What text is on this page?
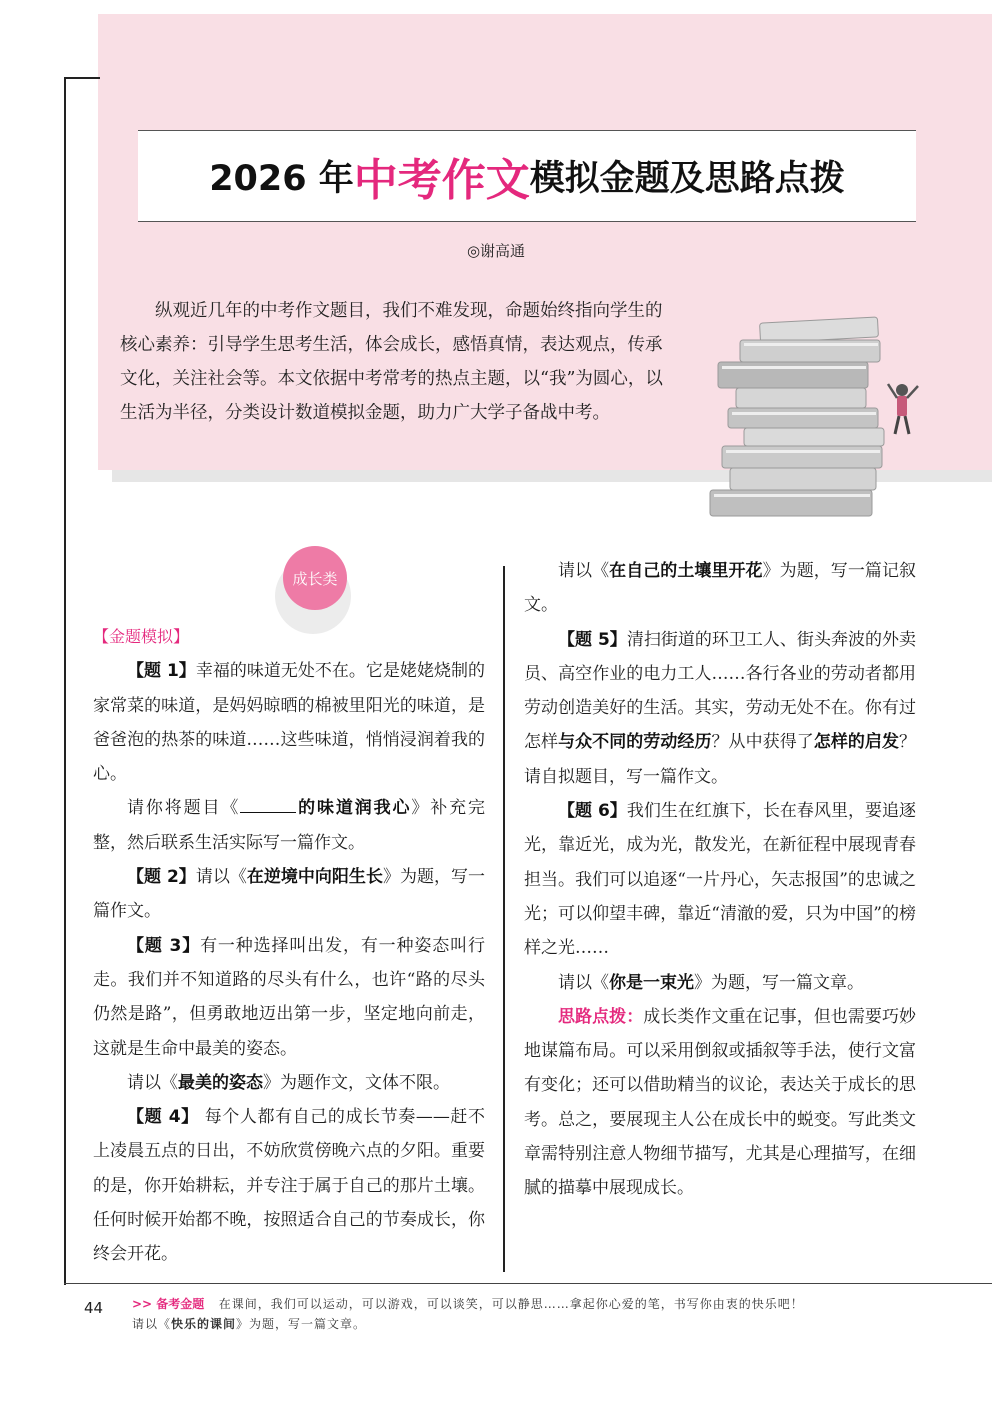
2026 年 中考作文 模拟金题及思路点拨
◎谢高通

纵观近几年的中考作文题目，我们不难发现，命题始终指向学生的核心素养：引导学生思考生活，体会成长，感悟真情，表达观点，传承文化，关注社会等。本文依据中考常考的热点主题，以“我”为圆心，以生活为半径，分类设计数道模拟金题，助力广大学子备战中考。

成长类

【金题模拟】

【题 1】幸福的味道无处不在。它是姥姥烧制的家常菜的味道，是妈妈晾晒的棉被里阳光的味道，是爸爸泡的热茶的味道……这些味道，悄悄浸润着我的心。

请你将题目《	的味道润我心》补充完整，然后联系生活实际写一篇作文。

【题 2】请以《在逆境中向阳生长》为题，写一篇作文。

【题 3】有一种选择叫出发，有一种姿态叫行走。我们并不知道路的尽头有什么，也许“路的尽头仍然是路”，但勇敢地迈出第一步，坚定地向前走，这就是生命中最美的姿态。

请以《最美的姿态》为题作文，文体不限。

【题 4】 每个人都有自己的成长节奏——赶不上凌晨五点的日出，不妨欣赏傍晚六点的夕阳。重要的是，你开始耕耘，并专注于属于自己的那片土壤。任何时候开始都不晚，按照适合自己的节奏成长，你终会开花。

请以《在自己的土壤里开花》为题，写一篇记叙文。

【题 5】清扫街道的环卫工人、街头奔波的外卖员、高空作业的电力工人……各行各业的劳动者都用劳动创造美好的生活。其实，劳动无处不在。你有过怎样与众不同的劳动经历？从中获得了怎样的启发？请自拟题目，写一篇作文。

【题 6】我们生在红旗下，长在春风里，要追逐光，靠近光，成为光，散发光，在新征程中展现青春担当。我们可以追逐“一片丹心，矢志报国”的忠诚之光；可以仰望丰碑，靠近“清澈的爱，只为中国”的榜样之光……

请以《你是一束光》为题，写一篇文章。

思路点拨：成长类作文重在记事，但也需要巧妙地谋篇布局。可以采用倒叙或插叙等手法，使行文富有变化；还可以借助精当的议论，表达关于成长的思考。总之，要展现主人公在成长中的蜕变。写此类文章需特别注意人物细节描写，尤其是心理描写，在细腻的描摹中展现成长。

44 >> 备考金题 在课间，我们可以运动，可以游戏，可以谈笑，可以静思……拿起你心爱的笔，书写你由衷的快乐吧！
请以《快乐的课间》为题，写一篇文章。
